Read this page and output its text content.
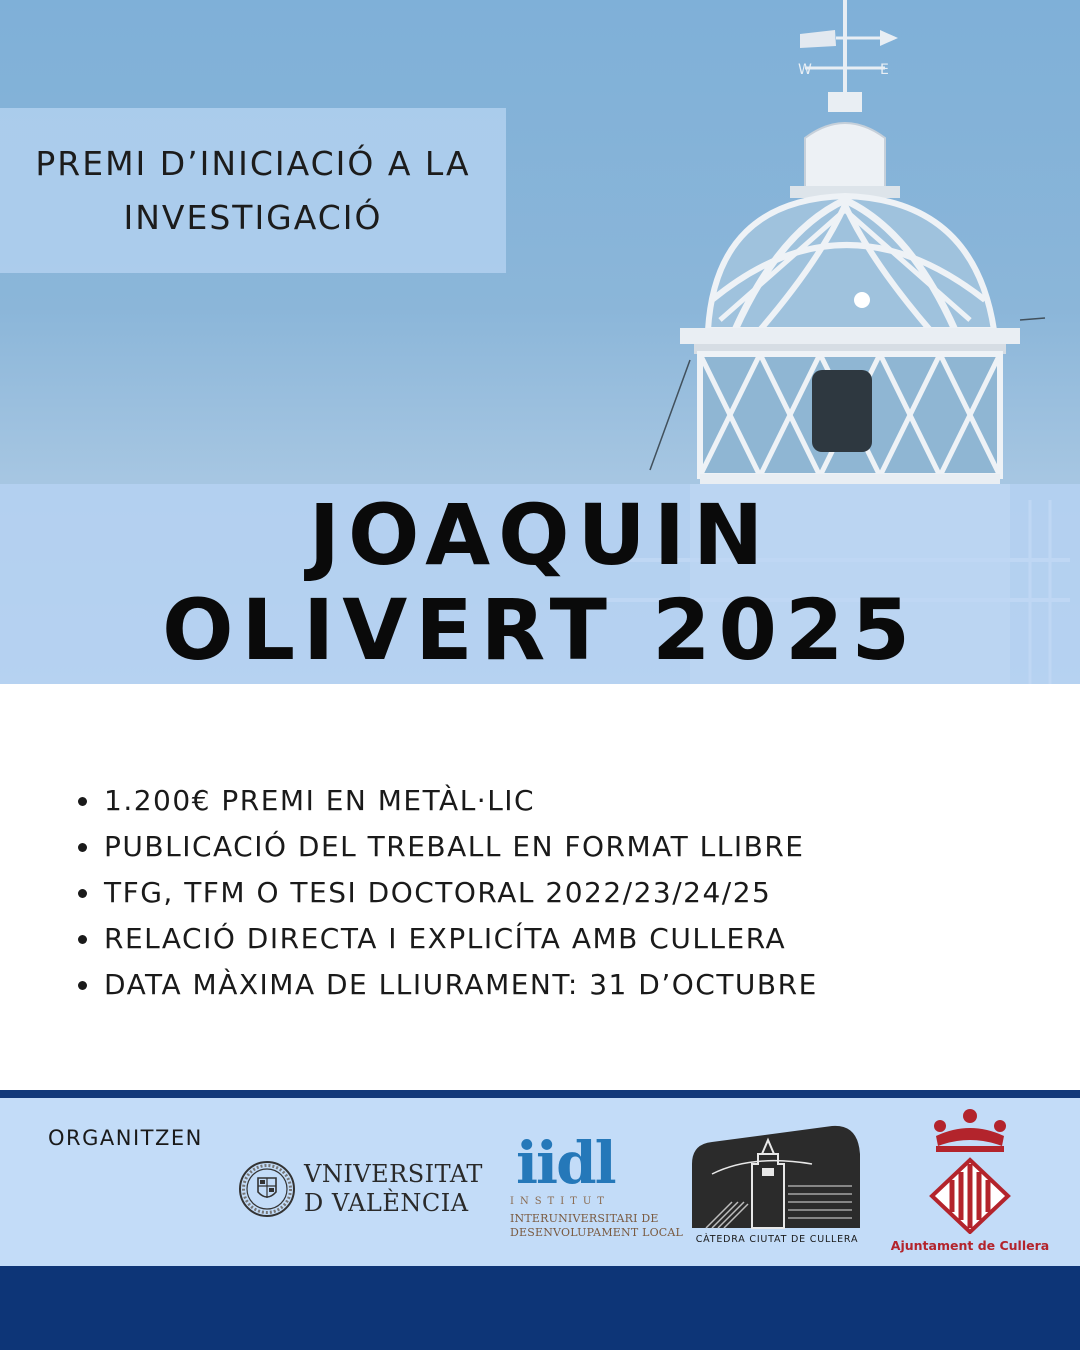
W	E
PREMI D’INICIACIÓ A LA INVESTIGACIÓ
JOAQUIN
OLIVERT 2025
1.200€ PREMI EN METÀL·LIC
PUBLICACIÓ DEL TREBALL EN FORMAT LLIBRE
TFG, TFM O TESI DOCTORAL 2022/23/24/25
RELACIÓ DIRECTA I EXPLICÍTA AMB CULLERA
DATA MÀXIMA DE LLIURAMENT: 31 D’OCTUBRE
ORGANITZEN
VNIVERSITAT
D VALÈNCIA
iidl
INSTITUT
INTERUNIVERSITARI DE
DESENVOLUPAMENT LOCAL
CÀTEDRA CIUTAT DE CULLERA	Ajuntament de Cullera
